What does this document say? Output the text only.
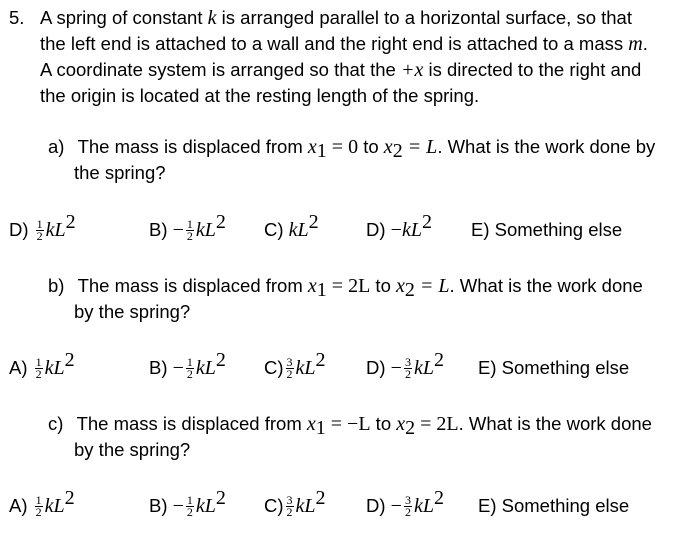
5. A spring of constant k is arranged parallel to a horizontal surface, so that
the left end is attached to a wall and the right end is attached to a mass m.
A coordinate system is arranged so that the +x is directed to the right and
the origin is located at the resting length of the spring.
a) The mass is displaced from $x_1 = 0$ to $x_2 = L$. What is the work done by
the spring?
$D) \frac{1}{2} kL^2$	$B) - \frac{1}{2} kL^2$ C) $kL^2$	$D) -kL^2$ E) Something else
b) The mass is displaced from $x_1 = 2L$ to $x_2 = L$. What is the work done
by the spring?
$A) \frac{1}{2} kL^2$	$B) - \frac{1}{2} kL^2$ $C) \frac{3}{2} kL^2$ $D) - \frac{3}{2} kL^2$ E) Something else
c) The mass is displaced from $x_1 = -L$ to $x_2 = 2L$. What is the work done
by the spring?
$A) \frac{1}{2} kL^2$	$B) - \frac{1}{2} kL^2$ $C) \frac{3}{2} kL^2$ $D) - \frac{3}{2} kL^2$ E) Something else
